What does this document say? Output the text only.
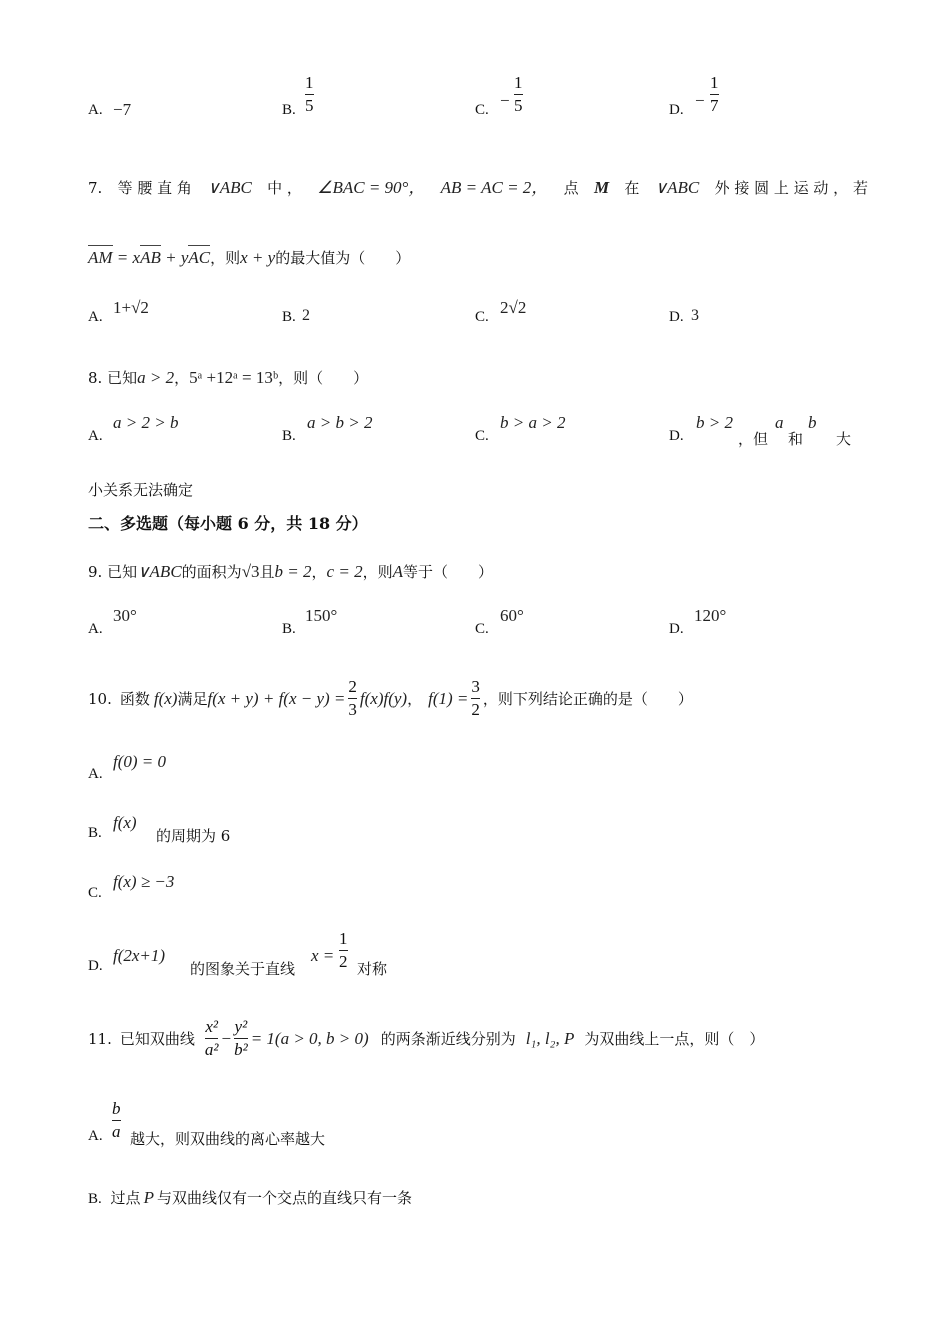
A. −7	B.
1
5	C. −
1
5	D. −
1
7
7. 等 腰 直 角 ∨ABC 中 ， ∠BAC = 90°， AB = AC = 2， 点 M 在 ∨ABC 外 接 圆 上 运 动 ， 若
AM = xAB + yAC，则x + y的最大值为（　　）
A. 1+√2	B. 2	C. 2√2	D. 3
8. 已知a > 2，5ᵃ +12ᵃ = 13ᵇ，则（　　）
A.
a > 2 > b
B.
a > b > 2
C.
b > a > 2
D.
b > 2
，但
a
和
b
大
小关系无法确定
二、多选题（每小题 6 分，共 18 分）
9. 已知∨ABC的面积为√3且b = 2，c = 2，则A等于（　　）
A.
30°
B.
150°
C.
60°
D.
120°
10. 函数 f(x) 满足 $f(x + y) + f(x - y) = \frac{2}{3} f(x)f(y)$ ， $f(1) = \frac{3}{2}$ ，则下列结论正确的是（　　）
A.
f(0) = 0
B.
f(x)
的周期为 6
C.
f(x) ≥ −3
D.
f(2x+1)
的图象关于直线
x =
1
2 对称
11. 已知双曲线 $\frac{\text{x²}}{\text{a²}} - \frac{\text{y²}}{\text{b²}} = 1(a > 0$, b > 0) 的两条渐近线分别为 l₁, l₂, P 为双曲线上一点，则（　）
A.
b
a 越大，则双曲线的离心率越大
B. 过点 P 与双曲线仅有一个交点的直线只有一条
